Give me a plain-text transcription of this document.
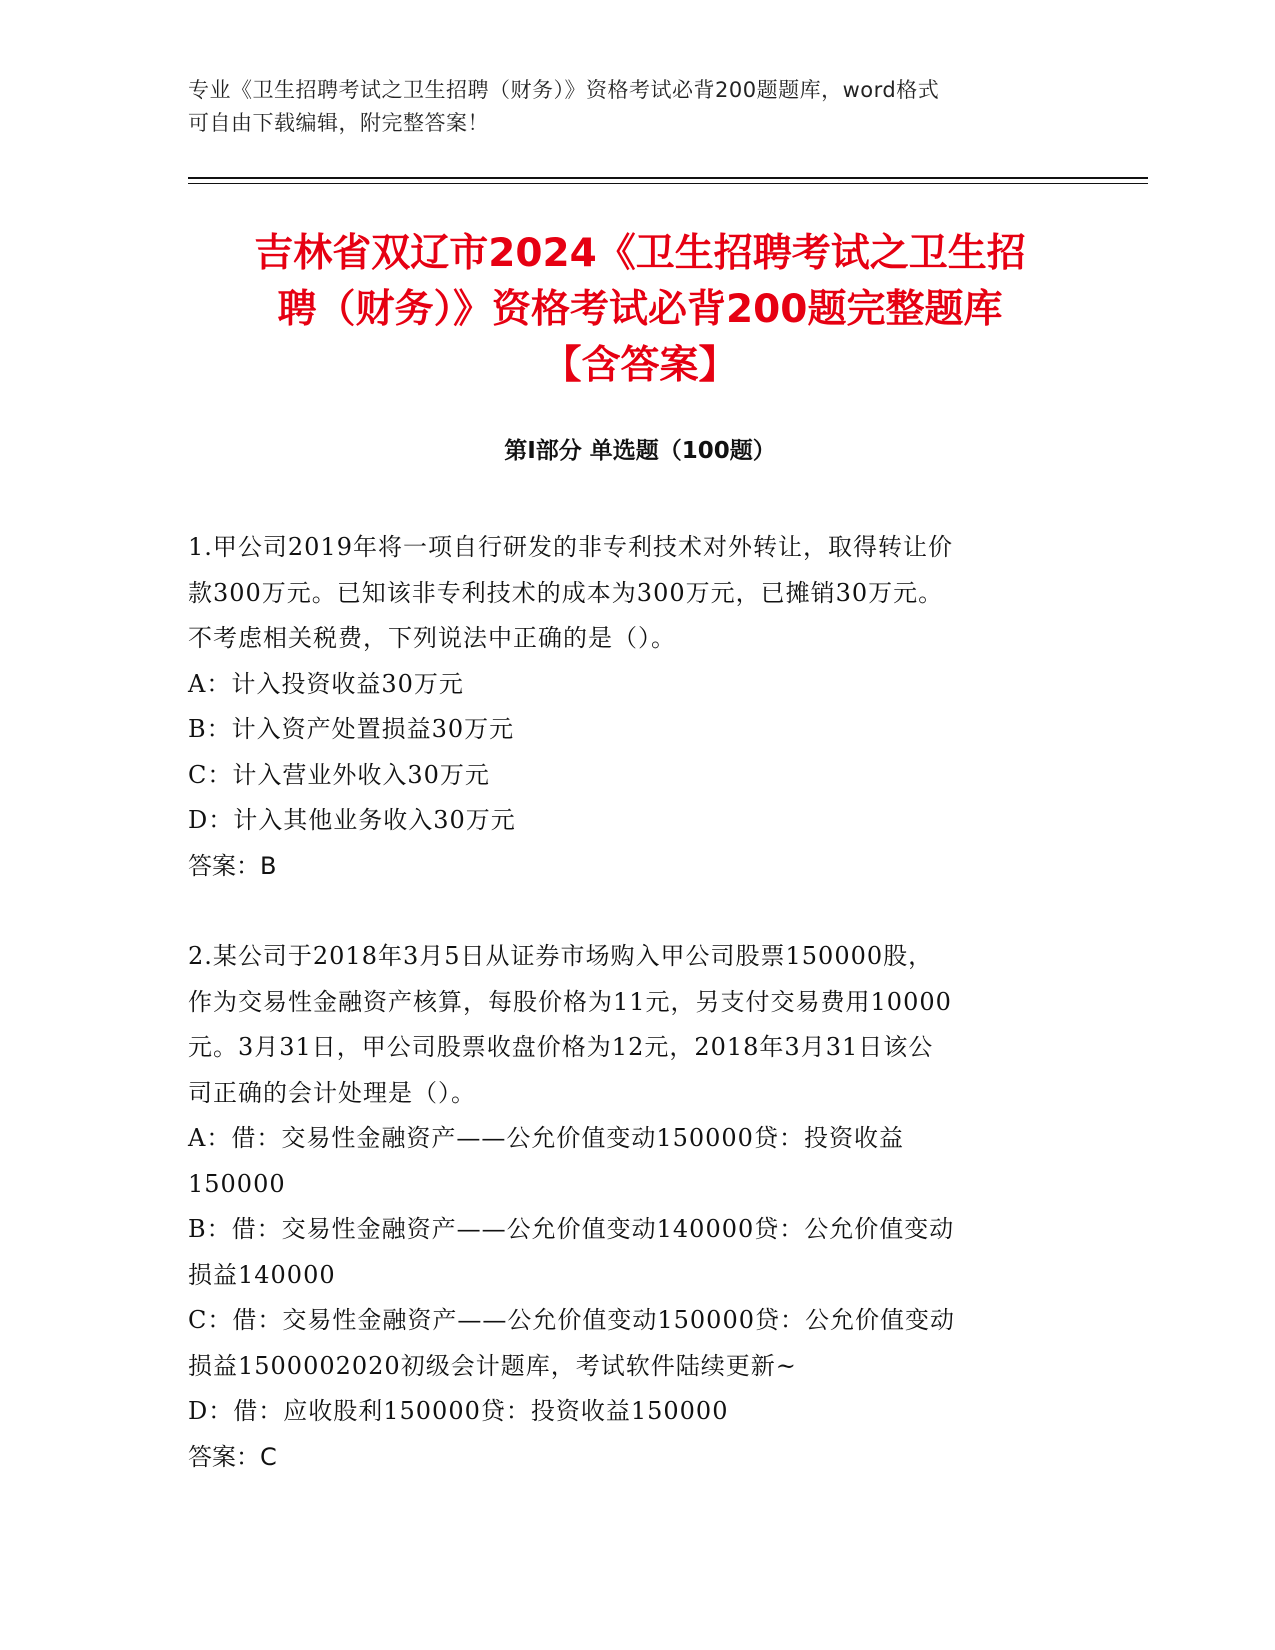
专业《卫生招聘考试之卫生招聘（财务）》资格考试必背200题题库，word格式
可自由下载编辑，附完整答案！
吉林省双辽市2024《卫生招聘考试之卫生招
聘（财务）》资格考试必背200题完整题库
【含答案】
第Ⅰ部分 单选题（100题）
1.甲公司2019年将一项自行研发的非专利技术对外转让，取得转让价
款300万元。已知该非专利技术的成本为300万元，已摊销30万元。
不考虑相关税费，下列说法中正确的是（）。
A：计入投资收益30万元
B：计入资产处置损益30万元
C：计入营业外收入30万元
D：计入其他业务收入30万元
答案：B
2.某公司于2018年3月5日从证券市场购入甲公司股票150000股，
作为交易性金融资产核算，每股价格为11元，另支付交易费用10000
元。3月31日，甲公司股票收盘价格为12元，2018年3月31日该公
司正确的会计处理是（）。
A：借：交易性金融资产——公允价值变动150000贷：投资收益
150000
B：借：交易性金融资产——公允价值变动140000贷：公允价值变动
损益140000
C：借：交易性金融资产——公允价值变动150000贷：公允价值变动
损益1500002020初级会计题库，考试软件陆续更新~
D：借：应收股利150000贷：投资收益150000
答案：C
